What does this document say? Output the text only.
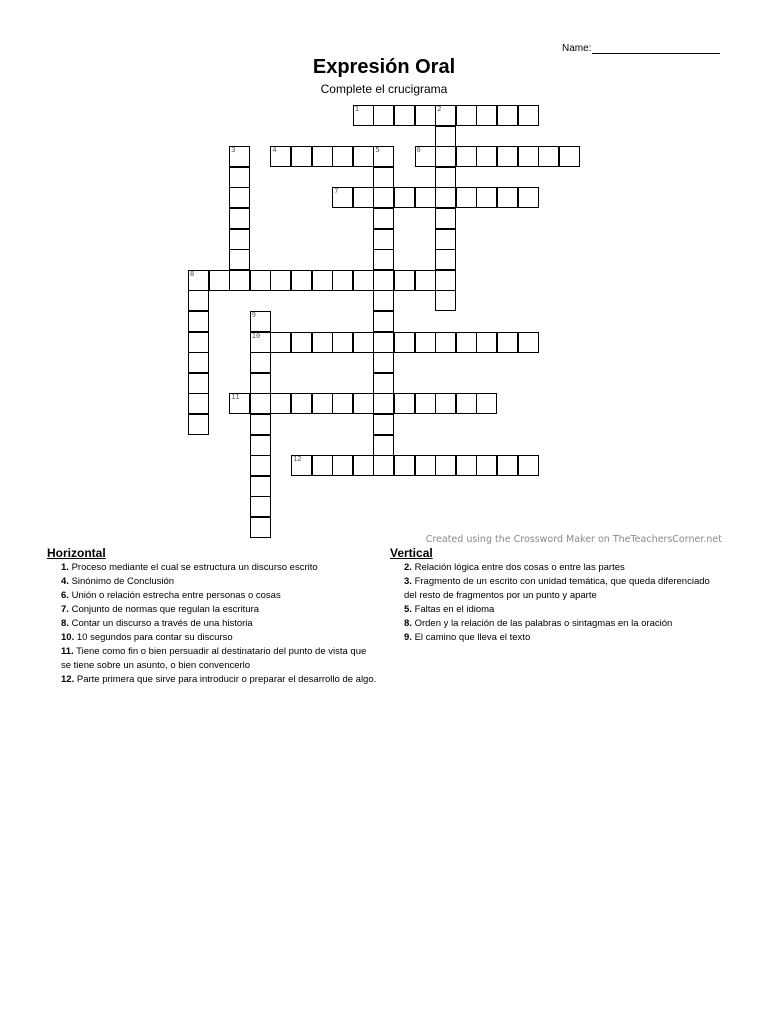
Name:
Expresión Oral
Complete el crucigrama
1	2
3	4	5	6
7
8
9
10
11
12
Created using the Crossword Maker on TheTeachersCorner.net
Horizontal
1. Proceso mediante el cual se estructura un discurso escrito
4. Sinónimo de Conclusión
6. Unión o relación estrecha entre personas o cosas
7. Conjunto de normas que regulan la escritura
8. Contar un discurso a través de una historia
10. 10 segundos para contar su discurso
11. Tiene como fin o bien persuadir al destinatario del punto de vista que se tiene sobre un asunto, o bien convencerlo
12. Parte primera que sirve para introducir o preparar el desarrollo de algo.
Vertical
2. Relación lógica entre dos cosas o entre las partes
3. Fragmento de un escrito con unidad temática, que queda diferenciado del resto de fragmentos por un punto y aparte
5. Faltas en el idioma
8. Orden y la relación de las palabras o sintagmas en la oración
9. El camino que lleva el texto
